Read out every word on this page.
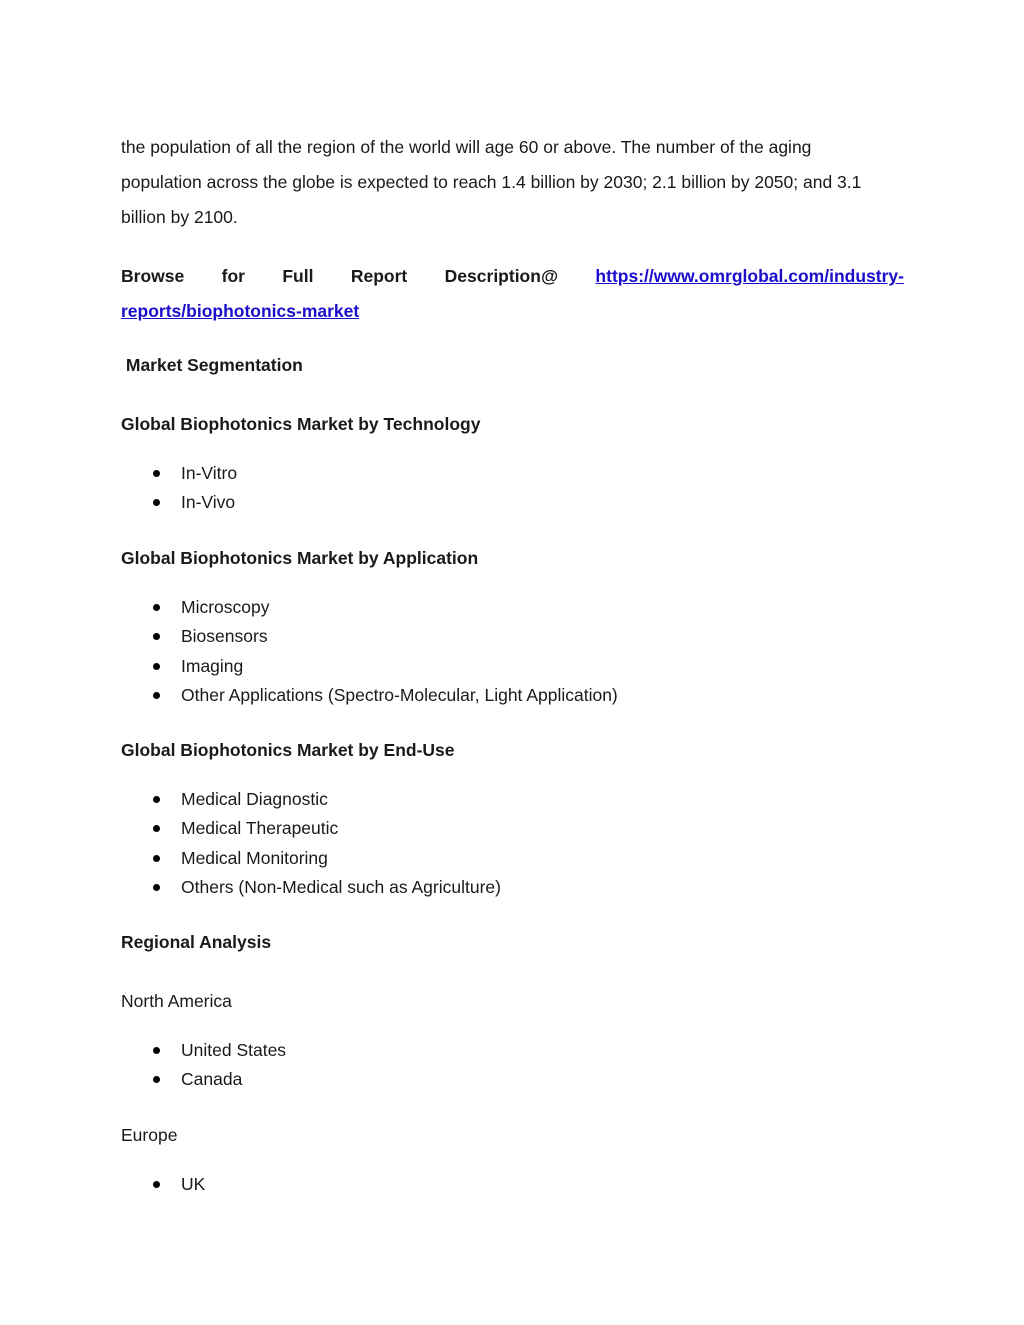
the population of all the region of the world will age 60 or above. The number of the aging
population across the globe is expected to reach 1.4 billion by 2030; 2.1 billion by 2050; and 3.1
billion by 2100.
Browse for Full Report Description@ https://www.omrglobal.com/industry-
reports/biophotonics-market
Market Segmentation
Global Biophotonics Market by Technology
In-Vitro
In-Vivo
Global Biophotonics Market by Application
Microscopy
Biosensors
Imaging
Other Applications (Spectro-Molecular, Light Application)
Global Biophotonics Market by End-Use
Medical Diagnostic
Medical Therapeutic
Medical Monitoring
Others (Non-Medical such as Agriculture)
Regional Analysis
North America
United States
Canada
Europe
UK
